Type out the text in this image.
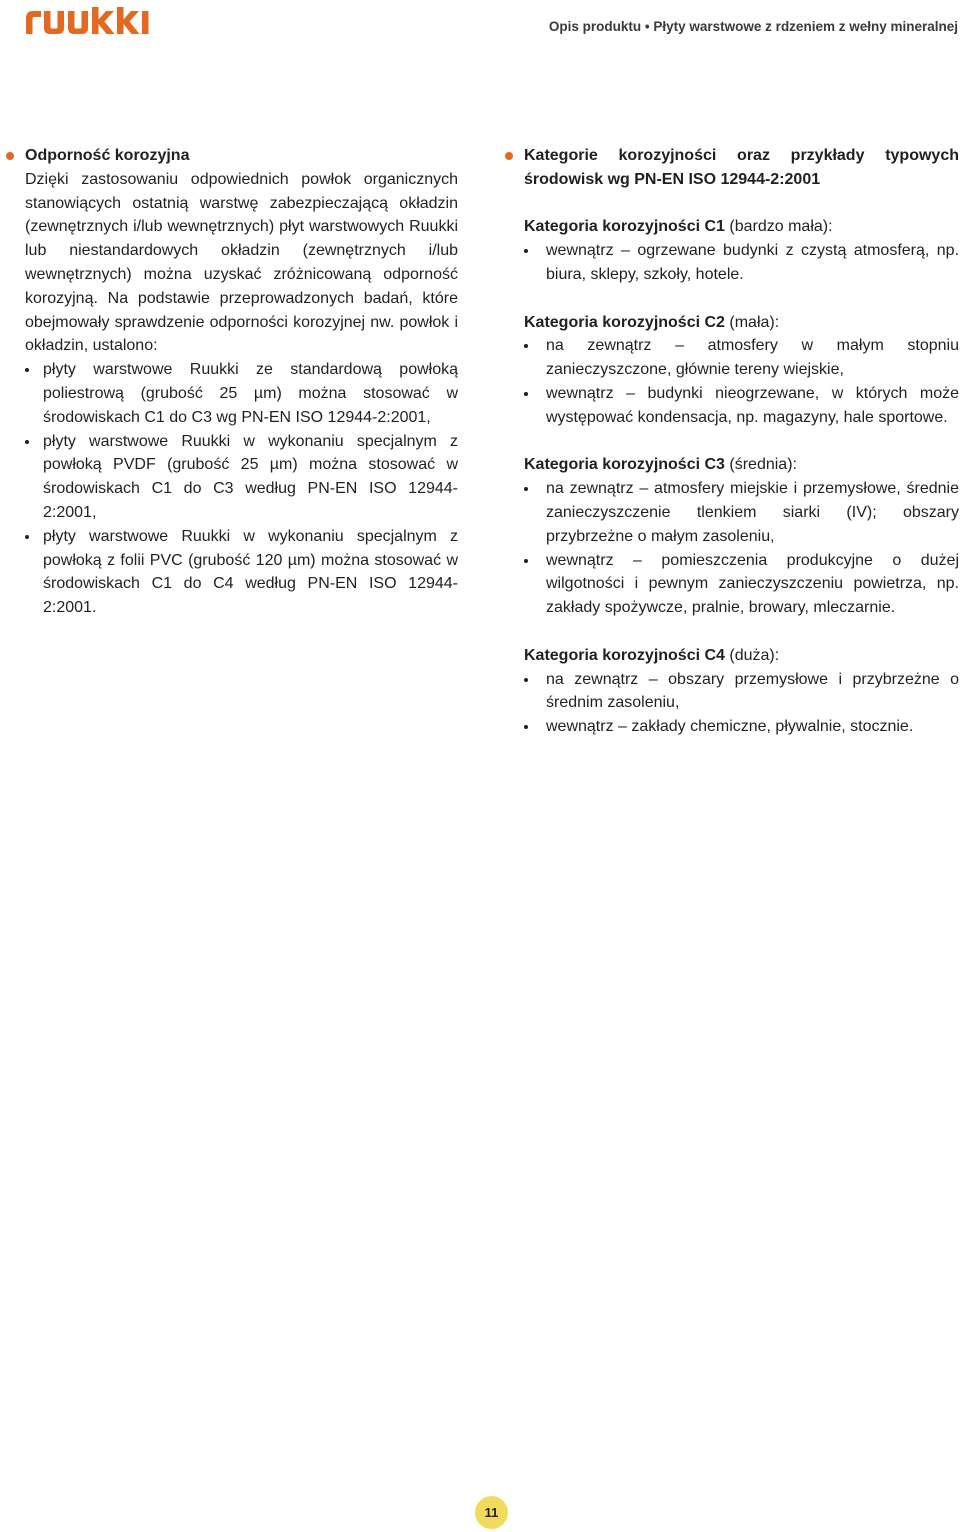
Opis produktu • Płyty warstwowe z rdzeniem z wełny mineralnej
Odporność korozyjna

Dzięki zastosowaniu odpowiednich powłok organicznych stanowiących ostatnią warstwę zabezpieczającą okładzin (zewnętrznych i/lub wewnętrznych) płyt warstwowych Ruukki lub niestandardowych okładzin (zewnętrznych i/lub wewnętrznych) można uzyskać zróżnicowaną odporność korozyjną. Na podstawie przeprowadzonych badań, które obejmowały sprawdzenie odporności korozyjnej nw. powłok i okładzin, ustalono:

płyty warstwowe Ruukki ze standardową powłoką poliestrową (grubość 25 µm) można stosować w środowiskach C1 do C3 wg PN-EN ISO 12944-2:2001,
płyty warstwowe Ruukki w wykonaniu specjalnym z powłoką PVDF (grubość 25 µm) można stosować w środowiskach C1 do C3 według PN-EN ISO 12944-2:2001,
płyty warstwowe Ruukki w wykonaniu specjalnym z powłoką z folii PVC (grubość 120 µm) można stosować w środowiskach C1 do C4 według PN-EN ISO 12944-2:2001.
Kategorie korozyjności oraz przykłady typowych środowisk wg PN-EN ISO 12944-2:2001

Kategoria korozyjności C1 (bardzo mała):

wewnątrz – ogrzewane budynki z czystą atmosferą, np. biura, sklepy, szkoły, hotele.

Kategoria korozyjności C2 (mała):

na zewnątrz – atmosfery w małym stopniu zanieczyszczone, głównie tereny wiejskie,
wewnątrz – budynki nieogrzewane, w których może występować kondensacja, np. magazyny, hale sportowe.

Kategoria korozyjności C3 (średnia):

na zewnątrz – atmosfery miejskie i przemysłowe, średnie zanieczyszczenie tlenkiem siarki (IV); obszary przybrzeżne o małym zasoleniu,
wewnątrz – pomieszczenia produkcyjne o dużej wilgotności i pewnym zanieczyszczeniu powietrza, np. zakłady spożywcze, pralnie, browary, mleczarnie.

Kategoria korozyjności C4 (duża):

na zewnątrz – obszary przemysłowe i przybrzeżne o średnim zasoleniu,
wewnątrz – zakłady chemiczne, pływalnie, stocznie.
11
